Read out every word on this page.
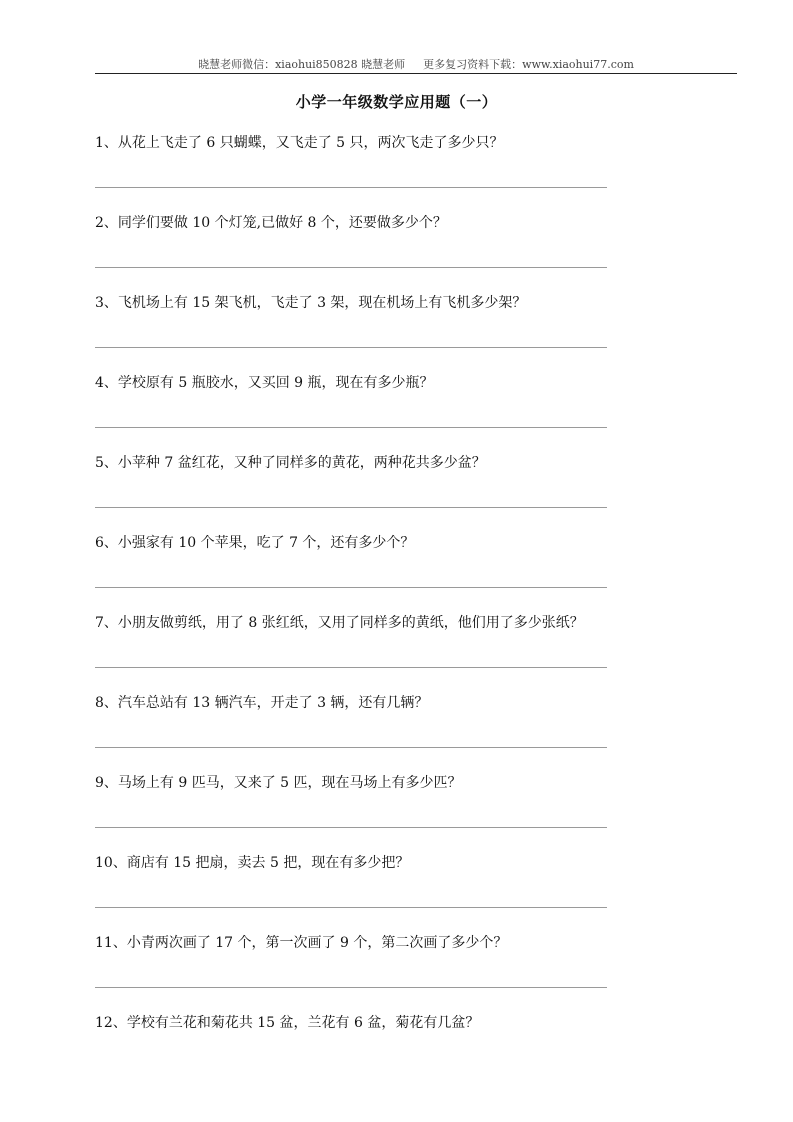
晓慧老师微信：xiaohui850828 晓慧老师 更多复习资料下载：www.xiaohui77.com
小学一年级数学应用题（一）
1、从花上飞走了 6 只蝴蝶，又飞走了 5 只，两次飞走了多少只？
2、同学们要做 10 个灯笼,已做好 8 个，还要做多少个？
3、飞机场上有 15 架飞机，飞走了 3 架，现在机场上有飞机多少架？
4、学校原有 5 瓶胶水，又买回 9 瓶，现在有多少瓶？
5、小苹种 7 盆红花，又种了同样多的黄花，两种花共多少盆？
6、小强家有 10 个苹果，吃了 7 个，还有多少个？
7、小朋友做剪纸，用了 8 张红纸，又用了同样多的黄纸，他们用了多少张纸？
8、汽车总站有 13 辆汽车，开走了 3 辆，还有几辆？
9、马场上有 9 匹马，又来了 5 匹，现在马场上有多少匹？
10、商店有 15 把扇，卖去 5 把，现在有多少把？
11、小青两次画了 17 个，第一次画了 9 个，第二次画了多少个？
12、学校有兰花和菊花共 15 盆，兰花有 6 盆，菊花有几盆？
